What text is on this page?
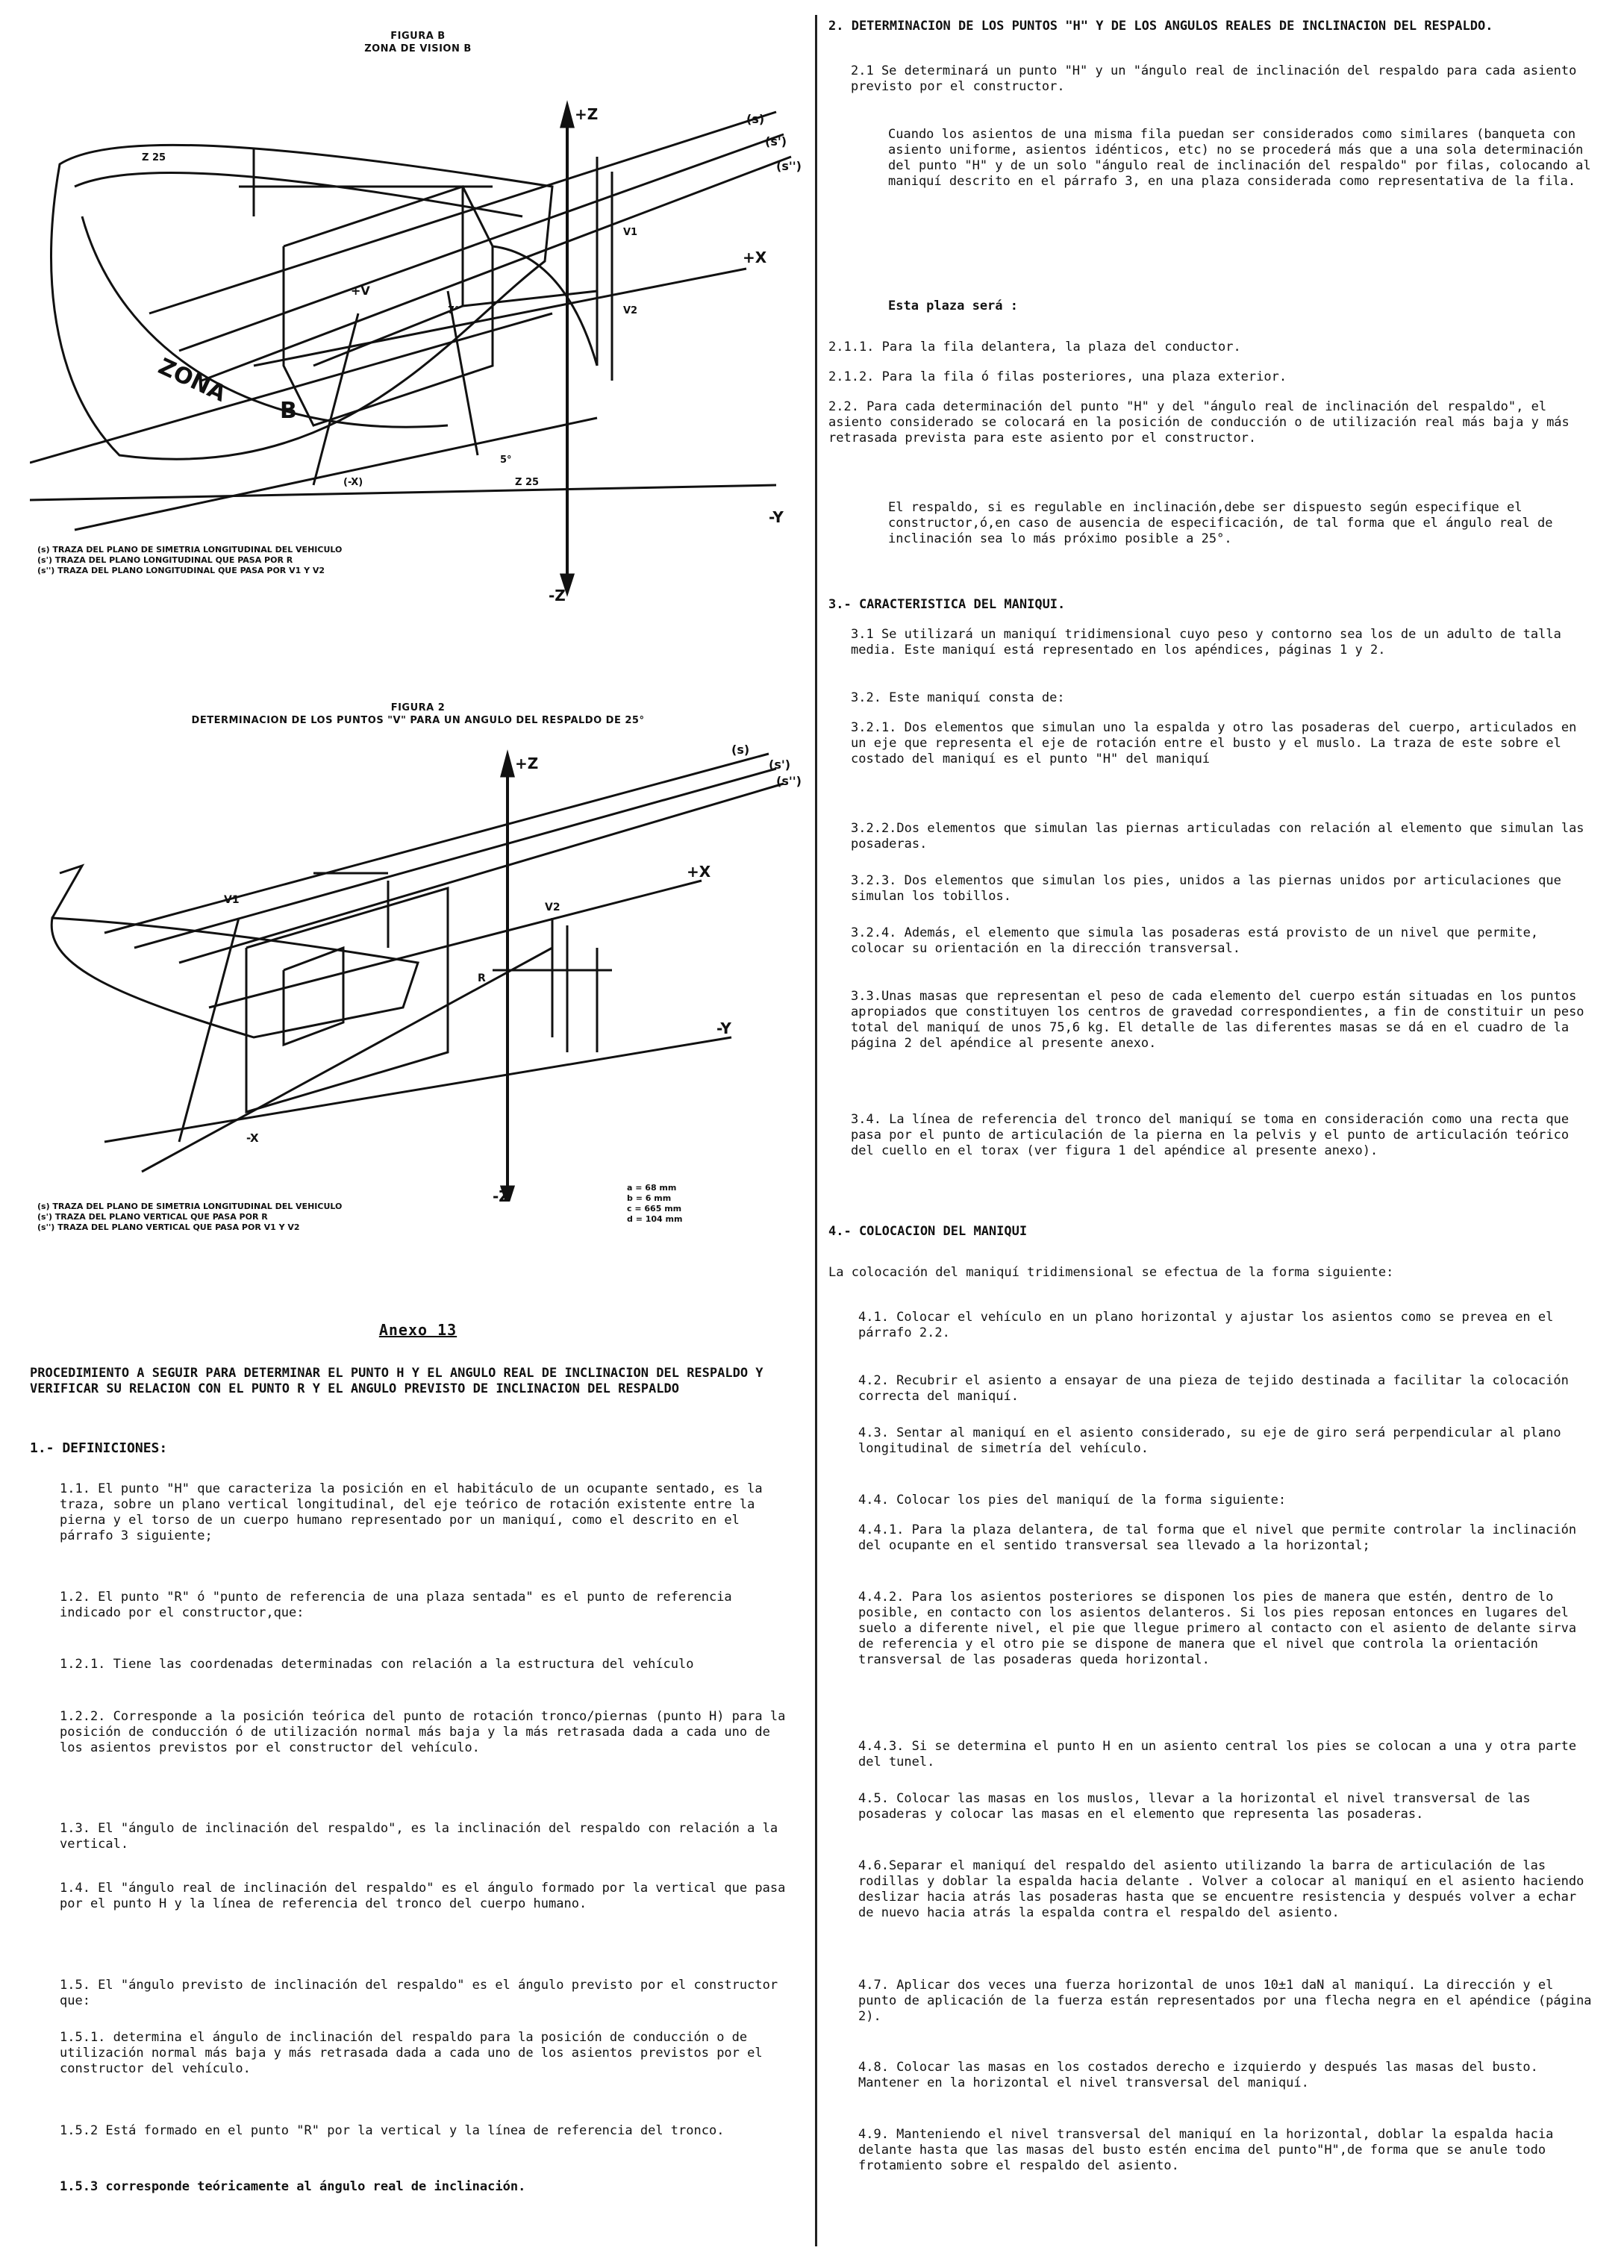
FIGURA B
ZONA DE VISION B
+Z
-Z
-Y
+X
+V
(s)
(s')
(s'')
ZONA
B
Z 25
Z 25
7°
5°
(-X)
V1
V2
(s) TRAZA DEL PLANO DE SIMETRIA LONGITUDINAL DEL VEHICULO
(s') TRAZA DEL PLANO LONGITUDINAL QUE PASA POR R
(s'') TRAZA DEL PLANO LONGITUDINAL QUE PASA POR V1 Y V2
FIGURA 2
DETERMINACION DE LOS PUNTOS "V" PARA UN ANGULO DEL RESPALDO DE 25°
+Z
-Z
-Y
+X
(s)
(s')
(s'')
-X
R
V1
V2
(s) TRAZA DEL PLANO DE SIMETRIA LONGITUDINAL DEL VEHICULO
(s') TRAZA DEL PLANO VERTICAL QUE PASA POR R
(s'') TRAZA DEL PLANO VERTICAL QUE PASA POR V1 Y V2
a = 68 mm
b = 6 mm
c = 665 mm
d = 104 mm
Anexo 13
PROCEDIMIENTO A SEGUIR PARA DETERMINAR EL PUNTO H Y EL ANGULO REAL DE INCLINACION DEL RESPALDO Y VERIFICAR SU RELACION CON EL PUNTO R Y EL ANGULO PREVISTO DE INCLINACION DEL RESPALDO
1.- DEFINICIONES:
1.1. El punto "H" que caracteriza la posición en el habitáculo de un ocupante sentado, es la traza, sobre un plano vertical longitudinal, del eje teórico de rotación existente entre la pierna y el torso de un cuerpo humano representado por un maniquí, como el descrito en el párrafo 3 siguiente;
1.2. El punto "R" ó "punto de referencia de una plaza sentada" es el punto de referencia indicado por el constructor,que:
1.2.1. Tiene las coordenadas determinadas con relación a la estructura del vehículo
1.2.2. Corresponde a la posición teórica del punto de rotación tronco/piernas (punto H) para la posición de conducción ó de utilización normal más baja y la más retrasada dada a cada uno de los asientos previstos por el constructor del vehículo.
1.3. El "ángulo de inclinación del respaldo", es la inclinación del respaldo con relación a la vertical.
1.4. El "ángulo real de inclinación del respaldo" es el ángulo formado por la vertical que pasa por el punto H y la línea de referencia del tronco del cuerpo humano.
1.5. El "ángulo previsto de inclinación del respaldo" es el ángulo previsto por el constructor que:
1.5.1. determina el ángulo de inclinación del respaldo para la posición de conducción o de utilización normal más baja y más retrasada dada a cada uno de los asientos previstos por el constructor del vehículo.
1.5.2 Está formado en el punto "R" por la vertical y la línea de referencia del tronco.
1.5.3 corresponde teóricamente al ángulo real de inclinación.
2. DETERMINACION DE LOS PUNTOS "H" Y DE LOS ANGULOS REALES DE INCLINACION DEL RESPALDO.
2.1 Se determinará un punto "H" y un "ángulo real de inclinación del respaldo para cada asiento previsto por el constructor.
Cuando los asientos de una misma fila puedan ser considerados como similares (banqueta con asiento uniforme, asientos idénticos, etc) no se procederá más que a una sola determinación del punto "H" y de un solo "ángulo real de inclinación del respaldo" por filas, colocando al maniquí descrito en el párrafo 3, en una plaza considerada como representativa de la fila.
Esta plaza será :
2.1.1. Para la fila delantera, la plaza del conductor.
2.1.2. Para la fila ó filas posteriores, una plaza exterior.
2.2. Para cada determinación del punto "H" y del "ángulo real de inclinación del respaldo", el asiento considerado se colocará en la posición de conducción o de utilización real más baja y más retrasada prevista para este asiento por el constructor.
El respaldo, si es regulable en inclinación,debe ser dispuesto según especifique el constructor,ó,en caso de ausencia de especificación, de tal forma que el ángulo real de inclinación sea lo más próximo posible a 25°.
3.- CARACTERISTICA DEL MANIQUI.
3.1 Se utilizará un maniquí tridimensional cuyo peso y contorno sea los de un adulto de talla media. Este maniquí está representado en los apéndices, páginas 1 y 2.
3.2. Este maniquí consta de:
3.2.1. Dos elementos que simulan uno la espalda y otro las posaderas del cuerpo, articulados en un eje que representa el eje de rotación entre el busto y el muslo. La traza de este sobre el costado del maniquí es el punto "H" del maniquí
3.2.2.Dos elementos que simulan las piernas articuladas con relación al elemento que simulan las posaderas.
3.2.3. Dos elementos que simulan los pies, unidos a las piernas unidos por articulaciones que simulan los tobillos.
3.2.4. Además, el elemento que simula las posaderas está provisto de un nivel que permite, colocar su orientación en la dirección transversal.
3.3.Unas masas que representan el peso de cada elemento del cuerpo están situadas en los puntos apropiados que constituyen los centros de gravedad correspondientes, a fin de constituir un peso total del maniquí de unos 75,6 kg. El detalle de las diferentes masas se dá en el cuadro de la página 2 del apéndice al presente anexo.
3.4. La línea de referencia del tronco del maniquí se toma en consideración como una recta que pasa por el punto de articulación de la pierna en la pelvis y el punto de articulación teórico del cuello en el torax (ver figura 1 del apéndice al presente anexo).
4.- COLOCACION DEL MANIQUI
La colocación del maniquí tridimensional se efectua de la forma siguiente:
4.1. Colocar el vehículo en un plano horizontal y ajustar los asientos como se prevea en el párrafo 2.2.
4.2. Recubrir el asiento a ensayar de una pieza de tejido destinada a facilitar la colocación correcta del maniquí.
4.3. Sentar al maniquí en el asiento considerado, su eje de giro será perpendicular al plano longitudinal de simetría del vehículo.
4.4. Colocar los pies del maniquí de la forma siguiente:
4.4.1. Para la plaza delantera, de tal forma que el nivel que permite controlar la inclinación del ocupante en el sentido transversal sea llevado a la horizontal;
4.4.2. Para los asientos posteriores se disponen los pies de manera que estén, dentro de lo posible, en contacto con los asientos delanteros. Si los pies reposan entonces en lugares del suelo a diferente nivel, el pie que llegue primero al contacto con el asiento de delante sirva de referencia y el otro pie se dispone de manera que el nivel que controla la orientación transversal de las posaderas queda horizontal.
4.4.3. Si se determina el punto H en un asiento central los pies se colocan a una y otra parte del tunel.
4.5. Colocar las masas en los muslos, llevar a la horizontal el nivel transversal de las posaderas y colocar las masas en el elemento que representa las posaderas.
4.6.Separar el maniquí del respaldo del asiento utilizando la barra de articulación de las rodillas y doblar la espalda hacia delante . Volver a colocar al maniquí en el asiento haciendo deslizar hacia atrás las posaderas hasta que se encuentre resistencia y después volver a echar de nuevo hacia atrás la espalda contra el respaldo del asiento.
4.7. Aplicar dos veces una fuerza horizontal de unos 10±1 daN al maniquí. La dirección y el punto de aplicación de la fuerza están representados por una flecha negra en el apéndice (página 2).
4.8. Colocar las masas en los costados derecho e izquierdo y después las masas del busto. Mantener en la horizontal el nivel transversal del maniquí.
4.9. Manteniendo el nivel transversal del maniquí en la horizontal, doblar la espalda hacia delante hasta que las masas del busto estén encima del punto"H",de forma que se anule todo frotamiento sobre el respaldo del asiento.
